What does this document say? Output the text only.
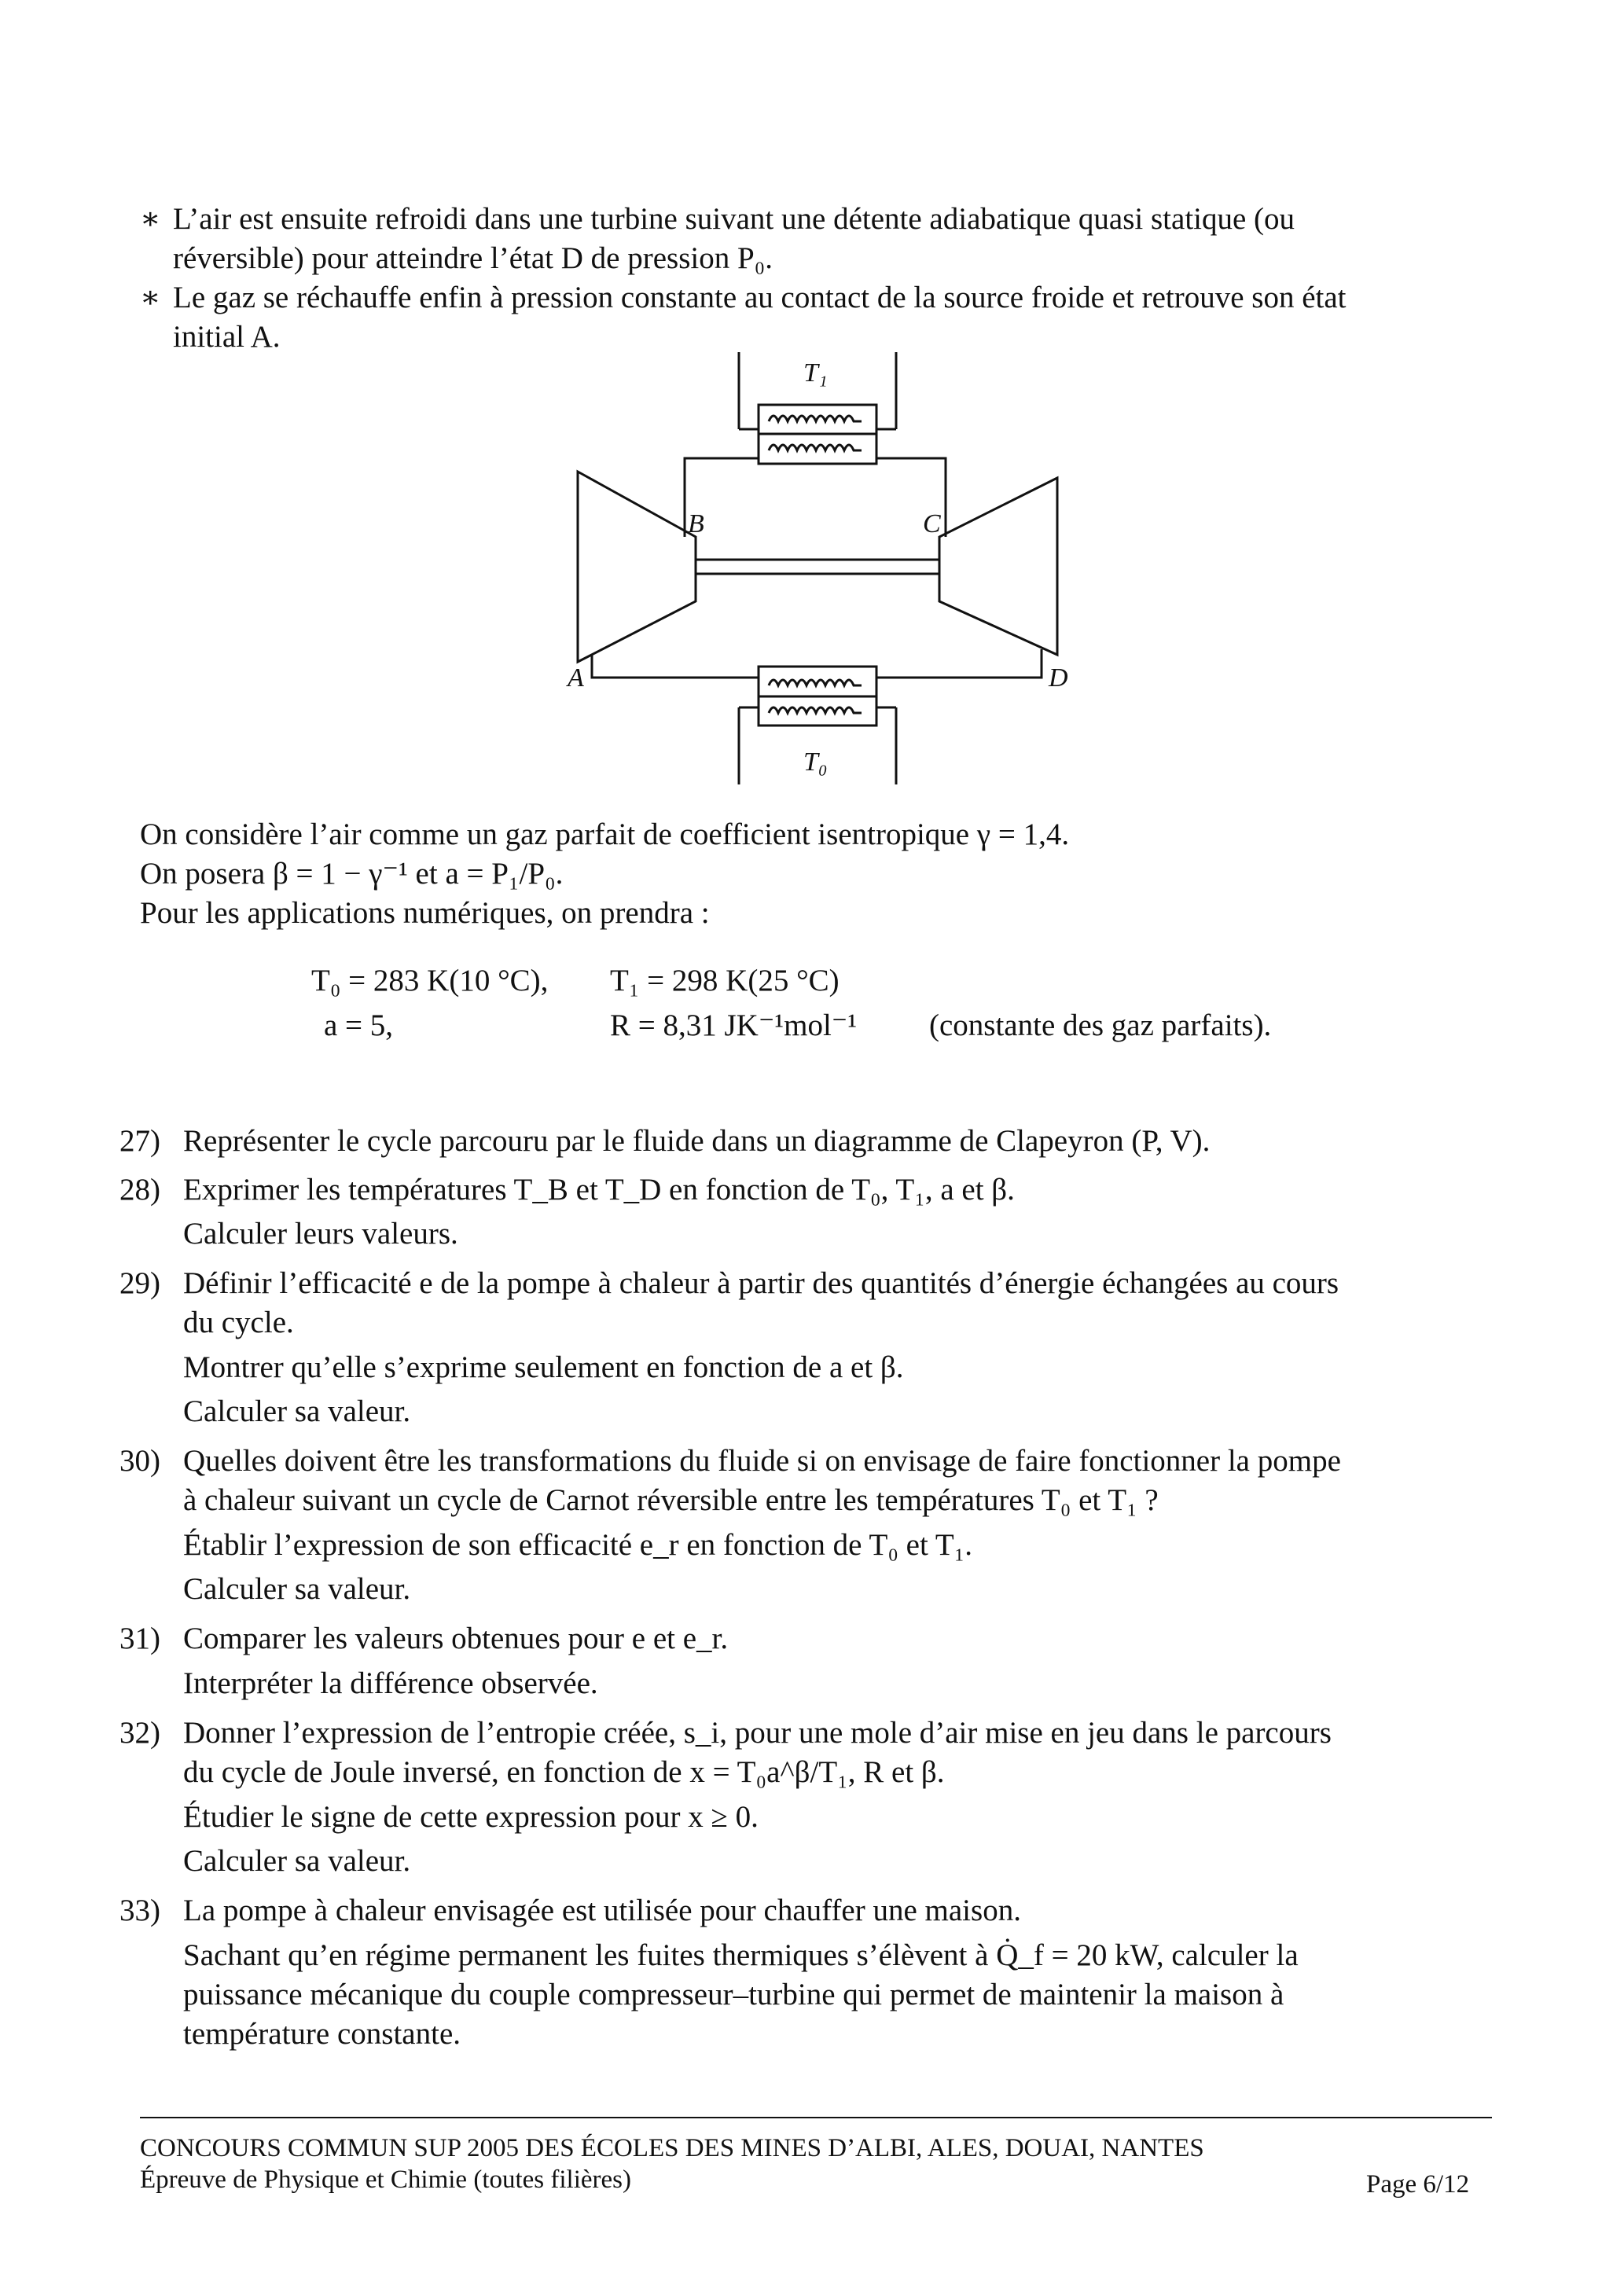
∗ L’air est ensuite refroidi dans une turbine suivant une détente adiabatique quasi statique (ou
réversible) pour atteindre l’état D de pression P₀.
∗ Le gaz se réchauffe enfin à pression constante au contact de la source froide et retrouve son état
initial A.
T₁
T₀
A
B	C
D
On considère l’air comme un gaz parfait de coefficient isentropique γ = 1,4.
On posera β = 1 − γ⁻¹ et a = P₁/P₀.
Pour les applications numériques, on prendra :
T₀ = 283 K(10 °C), T₁ = 298 K(25 °C)
a = 5,	R = 8,31 JK⁻¹mol⁻¹ (constante des gaz parfaits).
27) Représenter le cycle parcouru par le fluide dans un diagramme de Clapeyron (P, V).
28) Exprimer les températures T_B et T_D en fonction de T₀, T₁, a et β.
Calculer leurs valeurs.
29) Définir l’efficacité e de la pompe à chaleur à partir des quantités d’énergie échangées au cours
du cycle.
Montrer qu’elle s’exprime seulement en fonction de a et β.
Calculer sa valeur.
30) Quelles doivent être les transformations du fluide si on envisage de faire fonctionner la pompe
à chaleur suivant un cycle de Carnot réversible entre les températures T₀ et T₁ ?
Établir l’expression de son efficacité e_r en fonction de T₀ et T₁.
Calculer sa valeur.
31) Comparer les valeurs obtenues pour e et e_r.
Interpréter la différence observée.
32) Donner l’expression de l’entropie créée, s_i, pour une mole d’air mise en jeu dans le parcours
du cycle de Joule inversé, en fonction de x = T₀a^β/T₁, R et β.
Étudier le signe de cette expression pour x ≥ 0.
Calculer sa valeur.
33) La pompe à chaleur envisagée est utilisée pour chauffer une maison.
Sachant qu’en régime permanent les fuites thermiques s’élèvent à Q̇_f = 20 kW, calculer la
puissance mécanique du couple compresseur–turbine qui permet de maintenir la maison à
température constante.
CONCOURS COMMUN SUP 2005 DES ÉCOLES DES MINES D’ALBI, ALES, DOUAI, NANTES
Épreuve de Physique et Chimie (toutes filières)	Page 6/12
